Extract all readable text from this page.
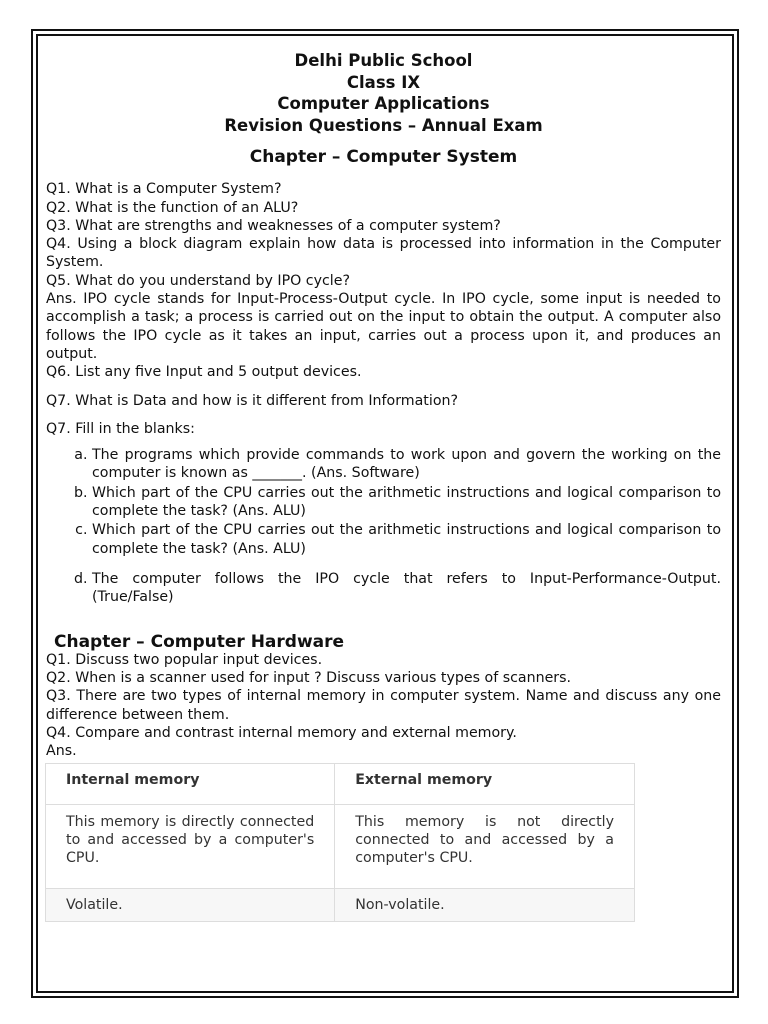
Delhi Public School
Class IX
Computer Applications
Revision Questions – Annual Exam
Chapter – Computer System

Q1. What is a Computer System?

Q2. What is the function of an ALU?

Q3. What are strengths and weaknesses of a computer system?

Q4. Using a block diagram explain how data is processed into information in the Computer System.

Q5. What do you understand by IPO cycle?

Ans. IPO cycle stands for Input-Process-Output cycle. In IPO cycle, some input is needed to accomplish a task; a process is carried out on the input to obtain the output. A computer also follows the IPO cycle as it takes an input, carries out a process upon it, and produces an output.

Q6. List any five Input and 5 output devices.

Q7. What is Data and how is it different from Information?

Q7. Fill in the blanks:

a. The programs which provide commands to work upon and govern the working on the computer is known as _______. (Ans. Software)
b. Which part of the CPU carries out the arithmetic instructions and logical comparison to complete the task? (Ans. ALU)
c. Which part of the CPU carries out the arithmetic instructions and logical comparison to complete the task? (Ans. ALU)
d. The computer follows the IPO cycle that refers to Input-Performance-Output. (True/False)
Chapter – Computer Hardware

Q1. Discuss two popular input devices.

Q2. When is a scanner used for input ? Discuss various types of scanners.

Q3. There are two types of internal memory in computer system. Name and discuss any one difference between them.

Q4. Compare and contrast internal memory and external memory.

Ans.

Internal memory	External memory
This memory is directly connected to and accessed by a computer's CPU.	This memory is not directly connected to and accessed by a computer's CPU.
Volatile.	Non-volatile.
